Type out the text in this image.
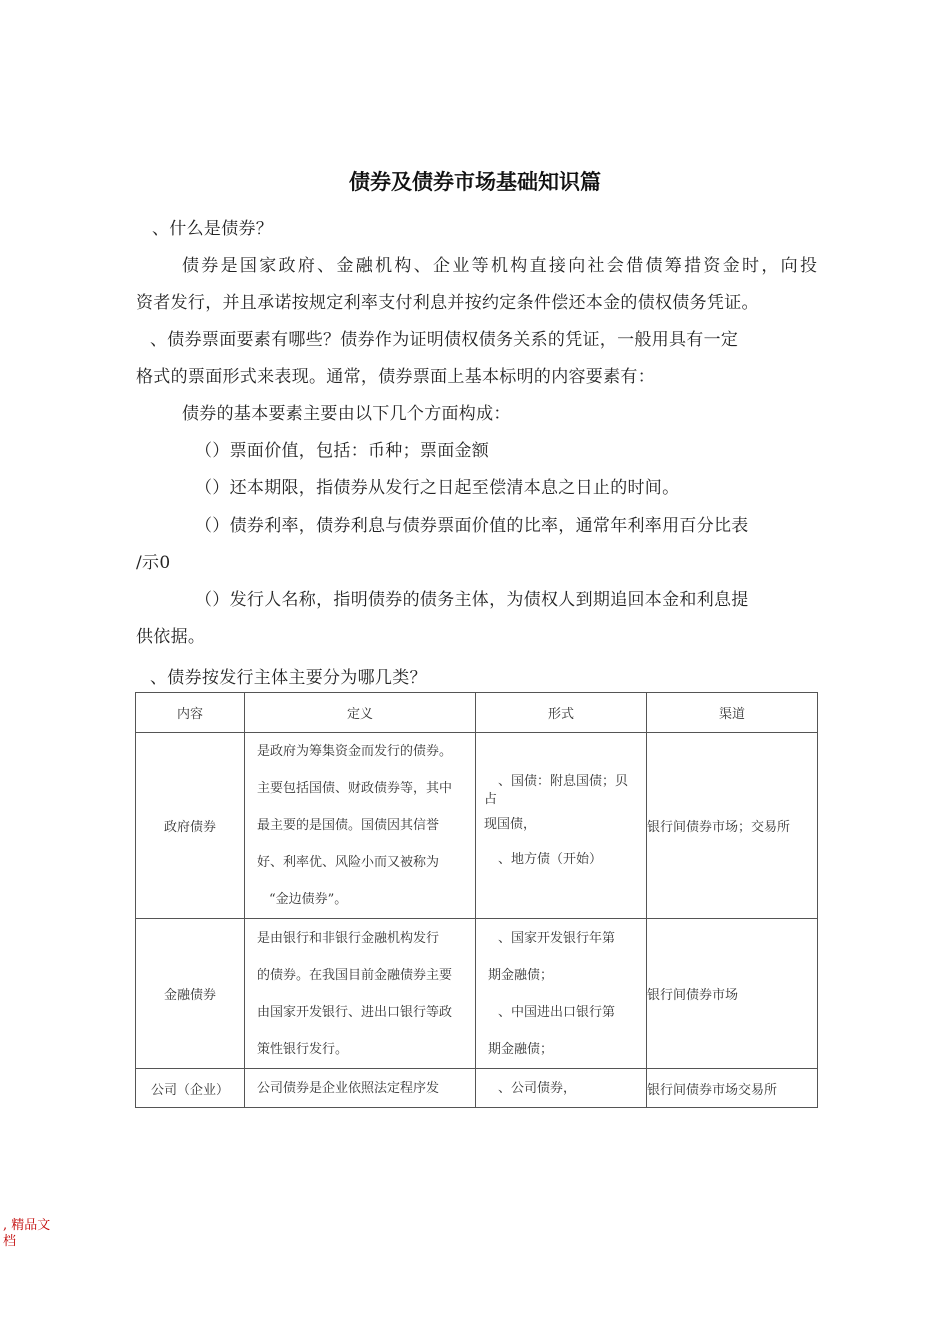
债券及债券市场基础知识篇
、什么是债券？
债券是国家政府、金融机构、企业等机构直接向社会借债筹措资金时，向投
资者发行，并且承诺按规定利率支付利息并按约定条件偿还本金的债权债务凭证。
、债券票面要素有哪些？债券作为证明债权债务关系的凭证，一般用具有一定
格式的票面形式来表现。通常，债券票面上基本标明的内容要素有：
债券的基本要素主要由以下几个方面构成：
（）票面价值，包括：币种；票面金额
（）还本期限，指债券从发行之日起至偿清本息之日止的时间。
（）债券利率，债券利息与债券票面价值的比率，通常年利率用百分比表
/示0
（）发行人名称，指明债券的债务主体，为债权人到期追回本金和利息提
供依据。
、债券按发行主体主要分为哪几类？
内容	定义	形式	渠道
政府债券	是政府为筹集资金而发行的债券。
主要包括国债、财政债券等，其中
最主要的是国债。国债因其信誉
好、利率优、风险小而又被称为
“金边债券”。	、国债：附息国债；贝
占
现国债，
、地方债（开始）	银行间债券市场；交易所
金融债券	是由银行和非银行金融机构发行
的债券。在我国目前金融债券主要
由国家开发银行、进出口银行等政
策性银行发行。	、国家开发银行年第
期金融债；
、中国进出口银行第
期金融债；	银行间债券市场
公司（企业）	公司债券是企业依照法定程序发	、公司债券，	银行间债券市场交易所
, 精品文
档
